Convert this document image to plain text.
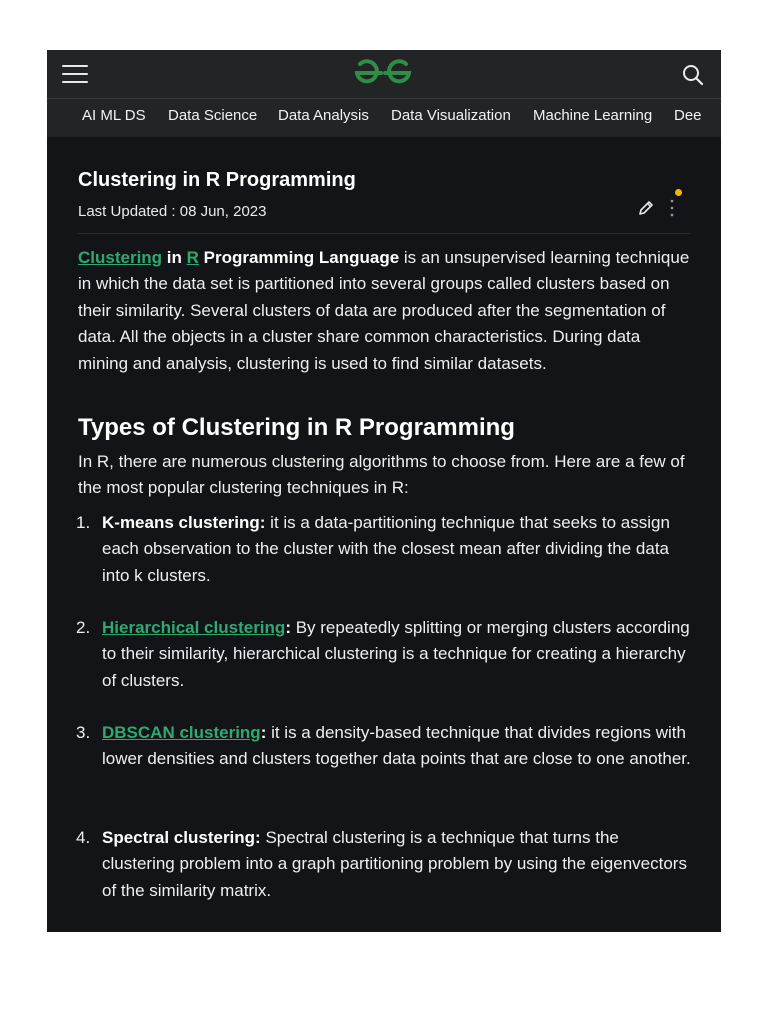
AI ML DS Data Science Data Analysis Data Visualization Machine Learning Dee
Clustering in R Programming
Last Updated : 08 Jun, 2023

Clustering in R Programming Language is an unsupervised learning technique in which the data set is partitioned into several groups called clusters based on their similarity. Several clusters of data are produced after the segmentation of data. All the objects in a cluster share common characteristics. During data mining and analysis, clustering is used to find similar datasets.

Types of Clustering in R Programming

In R, there are numerous clustering algorithms to choose from. Here are a few of the most popular clustering techniques in R:

1. K-means clustering: it is a data-partitioning technique that seeks to assign each observation to the cluster with the closest mean after dividing the data into k clusters.

2. Hierarchical clustering: By repeatedly splitting or merging clusters according to their similarity, hierarchical clustering is a technique for creating a hierarchy of clusters.

3. DBSCAN clustering: it is a density-based technique that divides regions with lower densities and clusters together data points that are close to one another.

4. Spectral clustering: Spectral clustering is a technique that turns the clustering problem into a graph partitioning problem by using the eigenvectors of the similarity matrix.
